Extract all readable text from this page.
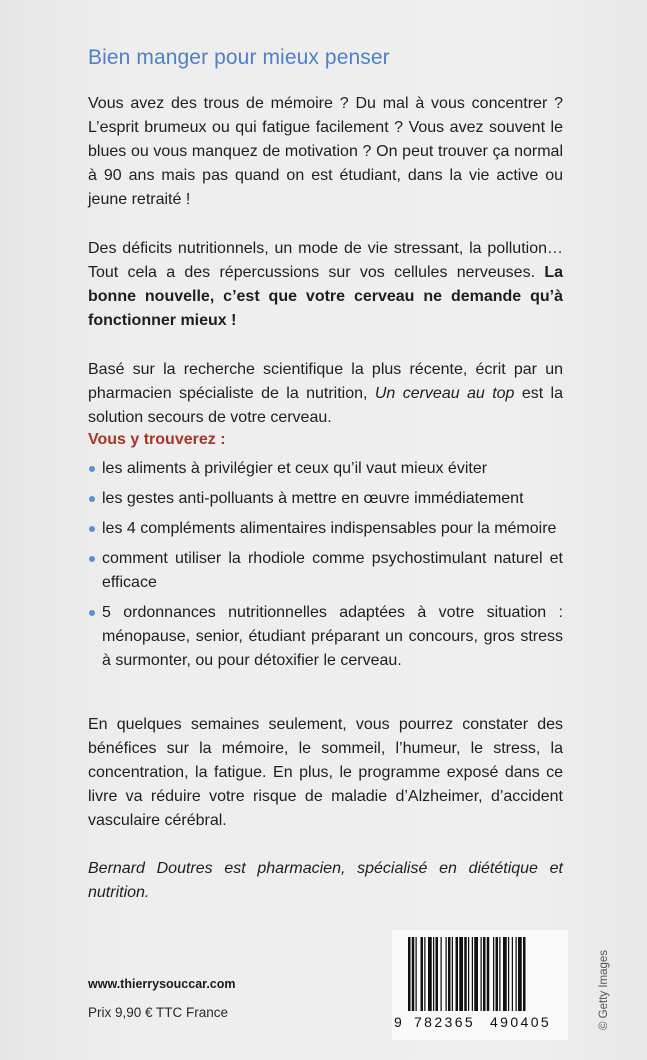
Bien manger pour mieux penser

Vous avez des trous de mémoire ? Du mal à vous concentrer ? L’esprit brumeux ou qui fatigue facilement ? Vous avez souvent le blues ou vous manquez de motivation ? On peut trouver ça normal à 90 ans mais pas quand on est étudiant, dans la vie active ou jeune retraité !

Des déficits nutritionnels, un mode de vie stressant, la pollution… Tout cela a des répercussions sur vos cellules nerveuses. La bonne nouvelle, c’est que votre cerveau ne demande qu’à fonctionner mieux !

Basé sur la recherche scientifique la plus récente, écrit par un pharmacien spécialiste de la nutrition, Un cerveau au top est la solution secours de votre cerveau.

Vous y trouverez :

les aliments à privilégier et ceux qu’il vaut mieux éviter
les gestes anti-polluants à mettre en œuvre immédiatement
les 4 compléments alimentaires indispensables pour la mémoire
comment utiliser la rhodiole comme psychostimulant naturel et efficace
5 ordonnances nutritionnelles adaptées à votre situation : ménopause, senior, étudiant préparant un concours, gros stress à surmonter, ou pour détoxifier le cerveau.

En quelques semaines seulement, vous pourrez constater des bénéfices sur la mémoire, le sommeil, l’humeur, le stress, la concentration, la fatigue. En plus, le programme exposé dans ce livre va réduire votre risque de maladie d’Alzheimer, d’accident vasculaire cérébral.

Bernard Doutres est pharmacien, spécialisé en diététique et nutrition.

www.thierrysouccar.com

Prix 9,90 € TTC France

9 782365 490405	© Getty Images
